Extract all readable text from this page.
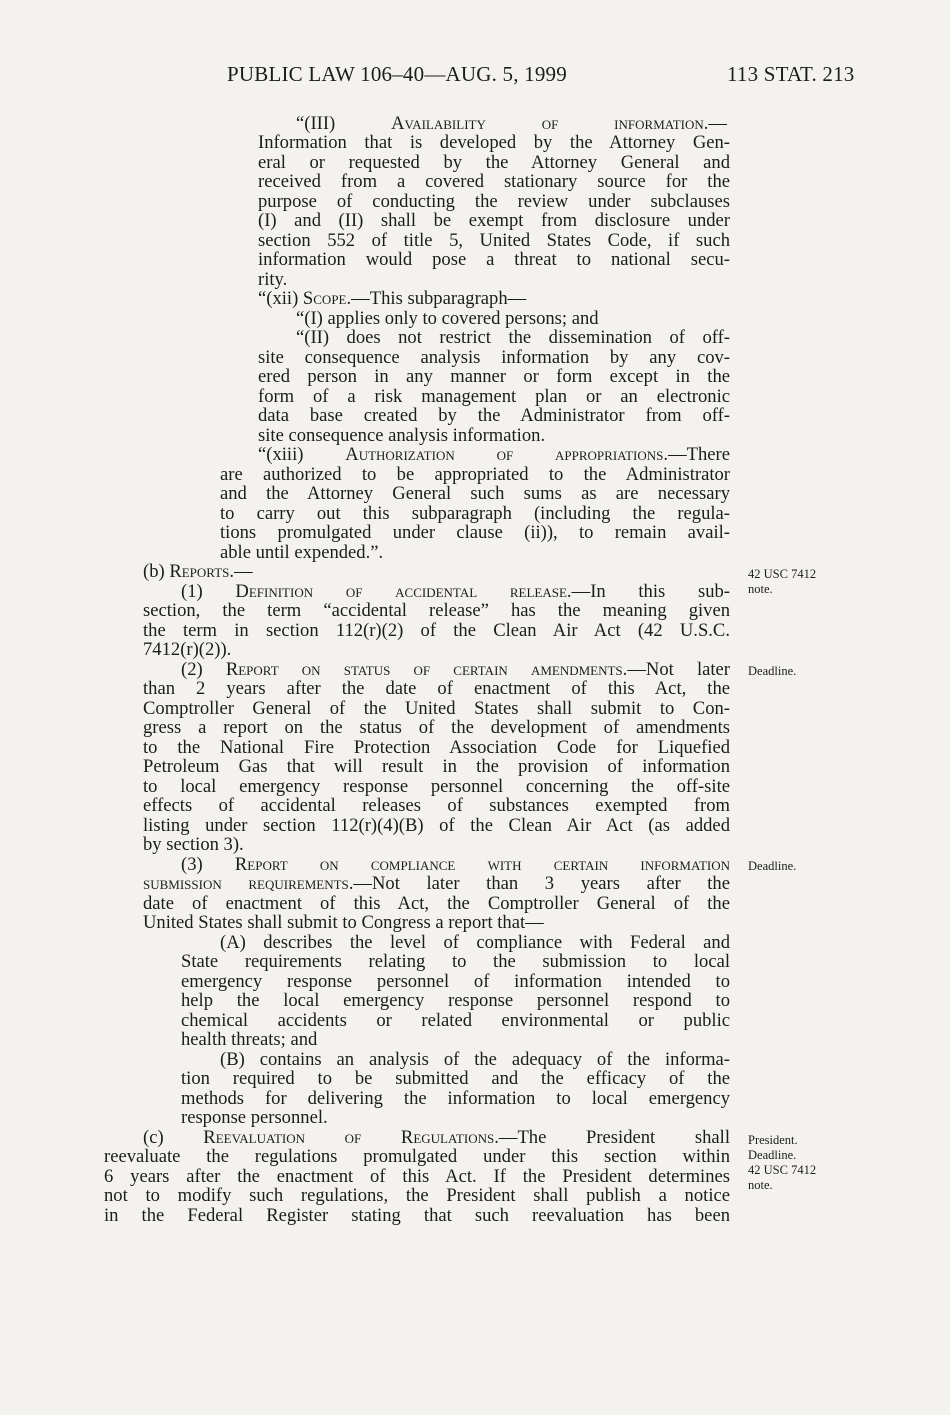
PUBLIC LAW 106–40—AUG. 5, 1999	113 STAT. 213
“(III) Availability of information.—
Information that is developed by the Attorney Gen-
eral or requested by the Attorney General and
received from a covered stationary source for the
purpose of conducting the review under subclauses
(I) and (II) shall be exempt from disclosure under
section 552 of title 5, United States Code, if such
information would pose a threat to national secu-
rity.
“(xii) Scope.—This subparagraph—
“(I) applies only to covered persons; and
“(II) does not restrict the dissemination of off-
site consequence analysis information by any cov-
ered person in any manner or form except in the
form of a risk management plan or an electronic
data base created by the Administrator from off-
site consequence analysis information.
“(xiii) Authorization of appropriations.—There
are authorized to be appropriated to the Administrator
and the Attorney General such sums as are necessary
to carry out this subparagraph (including the regula-
tions promulgated under clause (ii)), to remain avail-
able until expended.”.
(b) Reports.—
(1) Definition of accidental release.—In this sub-
section, the term “accidental release” has the meaning given
the term in section 112(r)(2) of the Clean Air Act (42 U.S.C.
7412(r)(2)).
(2) Report on status of certain amendments.—Not later
than 2 years after the date of enactment of this Act, the
Comptroller General of the United States shall submit to Con-
gress a report on the status of the development of amendments
to the National Fire Protection Association Code for Liquefied
Petroleum Gas that will result in the provision of information
to local emergency response personnel concerning the off-site
effects of accidental releases of substances exempted from
listing under section 112(r)(4)(B) of the Clean Air Act (as added
by section 3).
(3) Report on compliance with certain information
submission requirements.—Not later than 3 years after the
date of enactment of this Act, the Comptroller General of the
United States shall submit to Congress a report that—
(A) describes the level of compliance with Federal and
State requirements relating to the submission to local
emergency response personnel of information intended to
help the local emergency response personnel respond to
chemical accidents or related environmental or public
health threats; and
(B) contains an analysis of the adequacy of the informa-
tion required to be submitted and the efficacy of the
methods for delivering the information to local emergency
response personnel.
(c) Reevaluation of Regulations.—The President shall
reevaluate the regulations promulgated under this section within
6 years after the enactment of this Act. If the President determines
not to modify such regulations, the President shall publish a notice
in the Federal Register stating that such reevaluation has been
42 USC 7412
note.
Deadline.
Deadline.
President.
Deadline.
42 USC 7412
note.
